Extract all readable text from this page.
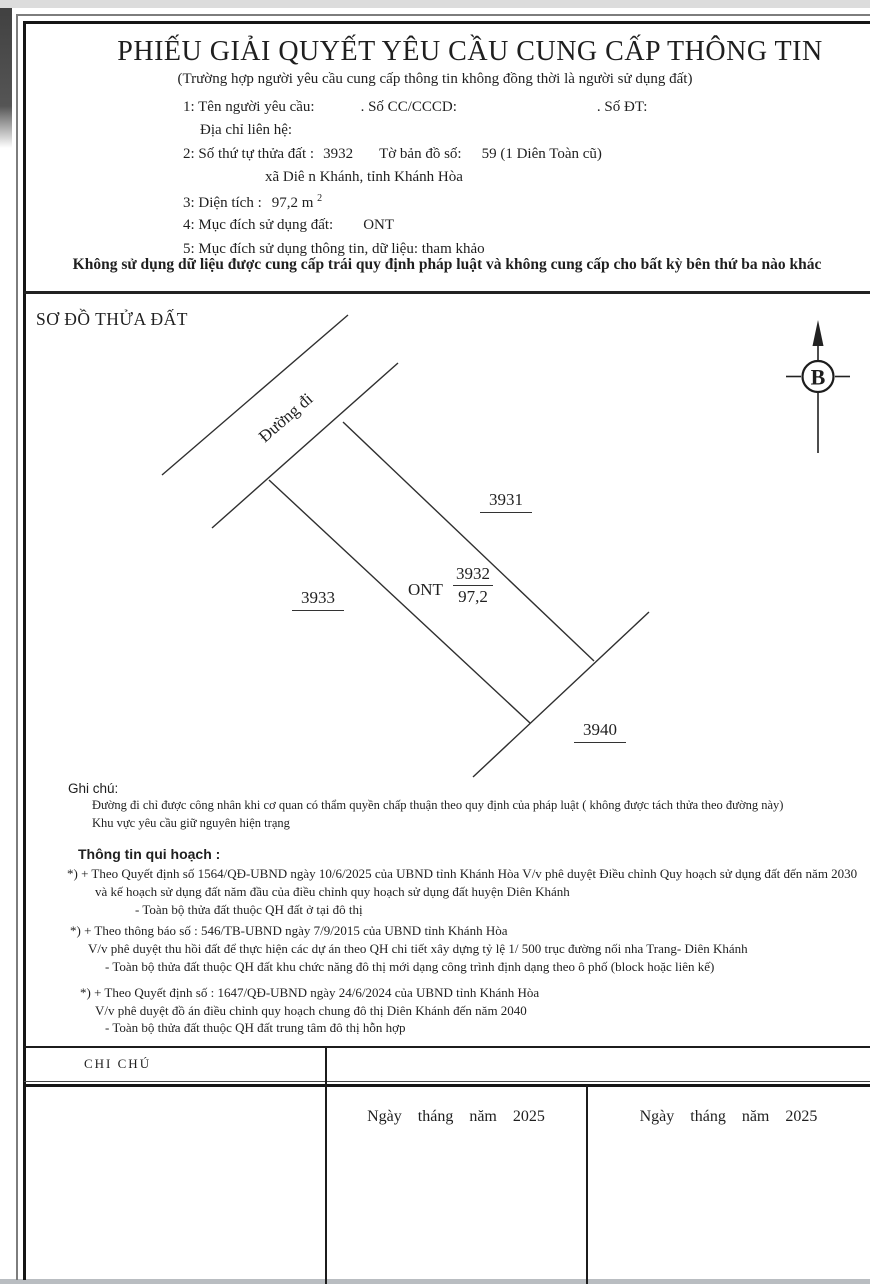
PHIẾU GIẢI QUYẾT YÊU CẦU CUNG CẤP THÔNG TIN
(Trường hợp người yêu cầu cung cấp thông tin không đồng thời là người sử dụng đất)
1: Tên người yêu cầu:	. Số CC/CCCD:	. Số ĐT:
Địa chỉ liên hệ:
2: Số thứ tự thửa đất : 3932 Tờ bản đồ số: 59 (1 Diên Toàn cũ)
xã Diê n Khánh, tỉnh Khánh Hòa
3: Diện tích : 97,2 m $^2$
4: Mục đích sử dụng đất: ONT
5: Mục đích sử dụng thông tin, dữ liệu: tham khảo
Không sử dụng dữ liệu được cung cấp trái quy định pháp luật và không cung cấp cho bất kỳ bên thứ ba nào khác
SƠ ĐỒ THỬA ĐẤT
B
Đường đi
3931
3933
3940
ONT $\frac{3932}{97,2}$
Ghi chú:
Đường đi chỉ được công nhân khi cơ quan có thẩm quyền chấp thuận theo quy định của pháp luật ( không được tách thửa theo đường này)
Khu vực yêu cầu giữ nguyên hiện trạng
Thông tin qui hoạch :
*) + Theo Quyết định số 1564/QĐ-UBND ngày 10/6/2025 của UBND tỉnh Khánh Hòa V/v phê duyệt Điều chỉnh Quy hoạch sử dụng đất đến năm 2030
và kế hoạch sử dụng đất năm đầu của điều chỉnh quy hoạch sử dụng đất huyện Diên Khánh
- Toàn bộ thửa đất thuộc QH đất ở tại đô thị
*) + Theo thông báo số : 546/TB-UBND ngày 7/9/2015 của UBND tỉnh Khánh Hòa
V/v phê duyệt thu hồi đất để thực hiện các dự án theo QH chi tiết xây dựng tỷ lệ 1/ 500 trục đường nối nha Trang- Diên Khánh
- Toàn bộ thửa đất thuộc QH đất khu chức năng đô thị mới dạng công trình định dạng theo ô phố (block hoặc liên kế)
*) + Theo Quyết định số : 1647/QĐ-UBND ngày 24/6/2024 của UBND tỉnh Khánh Hòa
V/v phê duyệt đồ án điều chỉnh quy hoạch chung đô thị Diên Khánh đến năm 2040
- Toàn bộ thửa đất thuộc QH đất trung tâm đô thị hỗn hợp
CHI CHÚ
Ngày tháng năm 2025	Ngày tháng năm 2025
